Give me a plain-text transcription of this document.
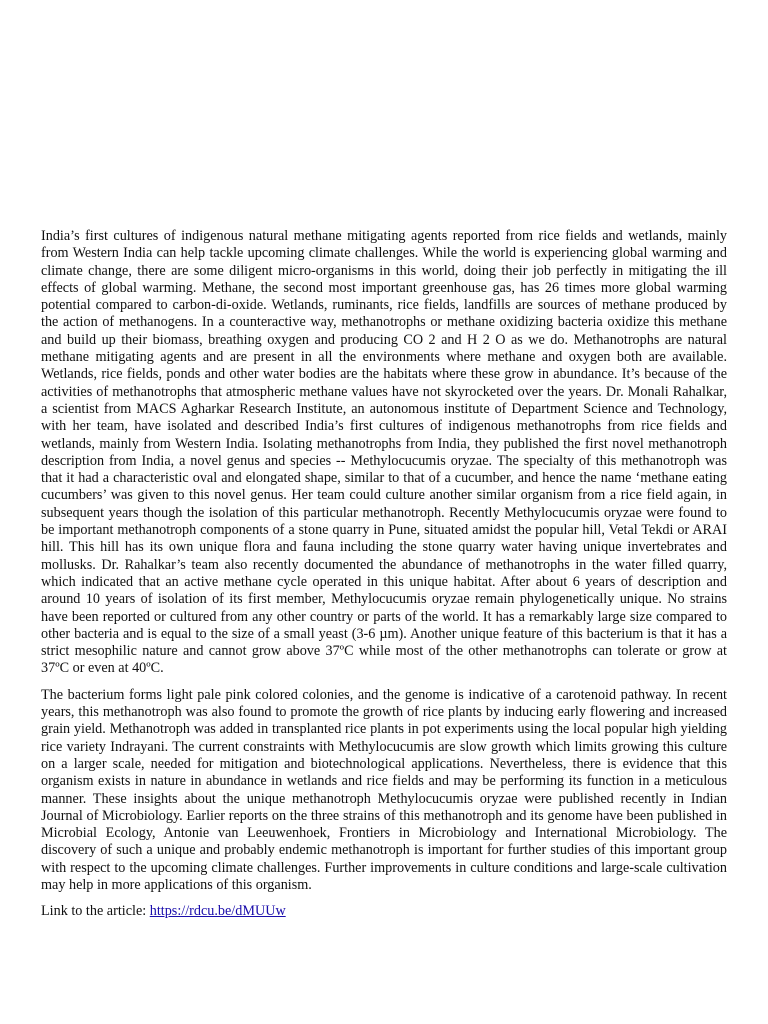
India’s first cultures of indigenous natural methane mitigating agents reported from rice fields and wetlands, mainly from Western India can help tackle upcoming climate challenges. While the world is experiencing global warming and climate change, there are some diligent micro-organisms in this world, doing their job perfectly in mitigating the ill effects of global warming. Methane, the second most important greenhouse gas, has 26 times more global warming potential compared to carbon-di-oxide. Wetlands, ruminants, rice fields, landfills are sources of methane produced by the action of methanogens. In a counteractive way, methanotrophs or methane oxidizing bacteria oxidize this methane and build up their biomass, breathing oxygen and producing CO 2 and H 2 O as we do. Methanotrophs are natural methane mitigating agents and are present in all the environments where methane and oxygen both are available. Wetlands, rice fields, ponds and other water bodies are the habitats where these grow in abundance. It’s because of the activities of methanotrophs that atmospheric methane values have not skyrocketed over the years. Dr. Monali Rahalkar, a scientist from MACS Agharkar Research Institute, an autonomous institute of Department Science and Technology, with her team, have isolated and described India’s first cultures of indigenous methanotrophs from rice fields and wetlands, mainly from Western India. Isolating methanotrophs from India, they published the first novel methanotroph description from India, a novel genus and species -- Methylocucumis oryzae. The specialty of this methanotroph was that it had a characteristic oval and elongated shape, similar to that of a cucumber, and hence the name ‘methane eating cucumbers’ was given to this novel genus. Her team could culture another similar organism from a rice field again, in subsequent years though the isolation of this particular methanotroph. Recently Methylocucumis oryzae were found to be important methanotroph components of a stone quarry in Pune, situated amidst the popular hill, Vetal Tekdi or ARAI hill. This hill has its own unique flora and fauna including the stone quarry water having unique invertebrates and mollusks. Dr. Rahalkar’s team also recently documented the abundance of methanotrophs in the water filled quarry, which indicated that an active methane cycle operated in this unique habitat. After about 6 years of description and around 10 years of isolation of its first member, Methylocucumis oryzae remain phylogenetically unique. No strains have been reported or cultured from any other country or parts of the world. It has a remarkably large size compared to other bacteria and is equal to the size of a small yeast (3-6 µm). Another unique feature of this bacterium is that it has a strict mesophilic nature and cannot grow above 37ºC while most of the other methanotrophs can tolerate or grow at 37ºC or even at 40ºC.

The bacterium forms light pale pink colored colonies, and the genome is indicative of a carotenoid pathway. In recent years, this methanotroph was also found to promote the growth of rice plants by inducing early flowering and increased grain yield. Methanotroph was added in transplanted rice plants in pot experiments using the local popular high yielding rice variety Indrayani. The current constraints with Methylocucumis are slow growth which limits growing this culture on a larger scale, needed for mitigation and biotechnological applications. Nevertheless, there is evidence that this organism exists in nature in abundance in wetlands and rice fields and may be performing its function in a meticulous manner. These insights about the unique methanotroph Methylocucumis oryzae were published recently in Indian Journal of Microbiology. Earlier reports on the three strains of this methanotroph and its genome have been published in Microbial Ecology, Antonie van Leeuwenhoek, Frontiers in Microbiology and International Microbiology. The discovery of such a unique and probably endemic methanotroph is important for further studies of this important group with respect to the upcoming climate challenges. Further improvements in culture conditions and large-scale cultivation may help in more applications of this organism.

Link to the article: https://rdcu.be/dMUUw
